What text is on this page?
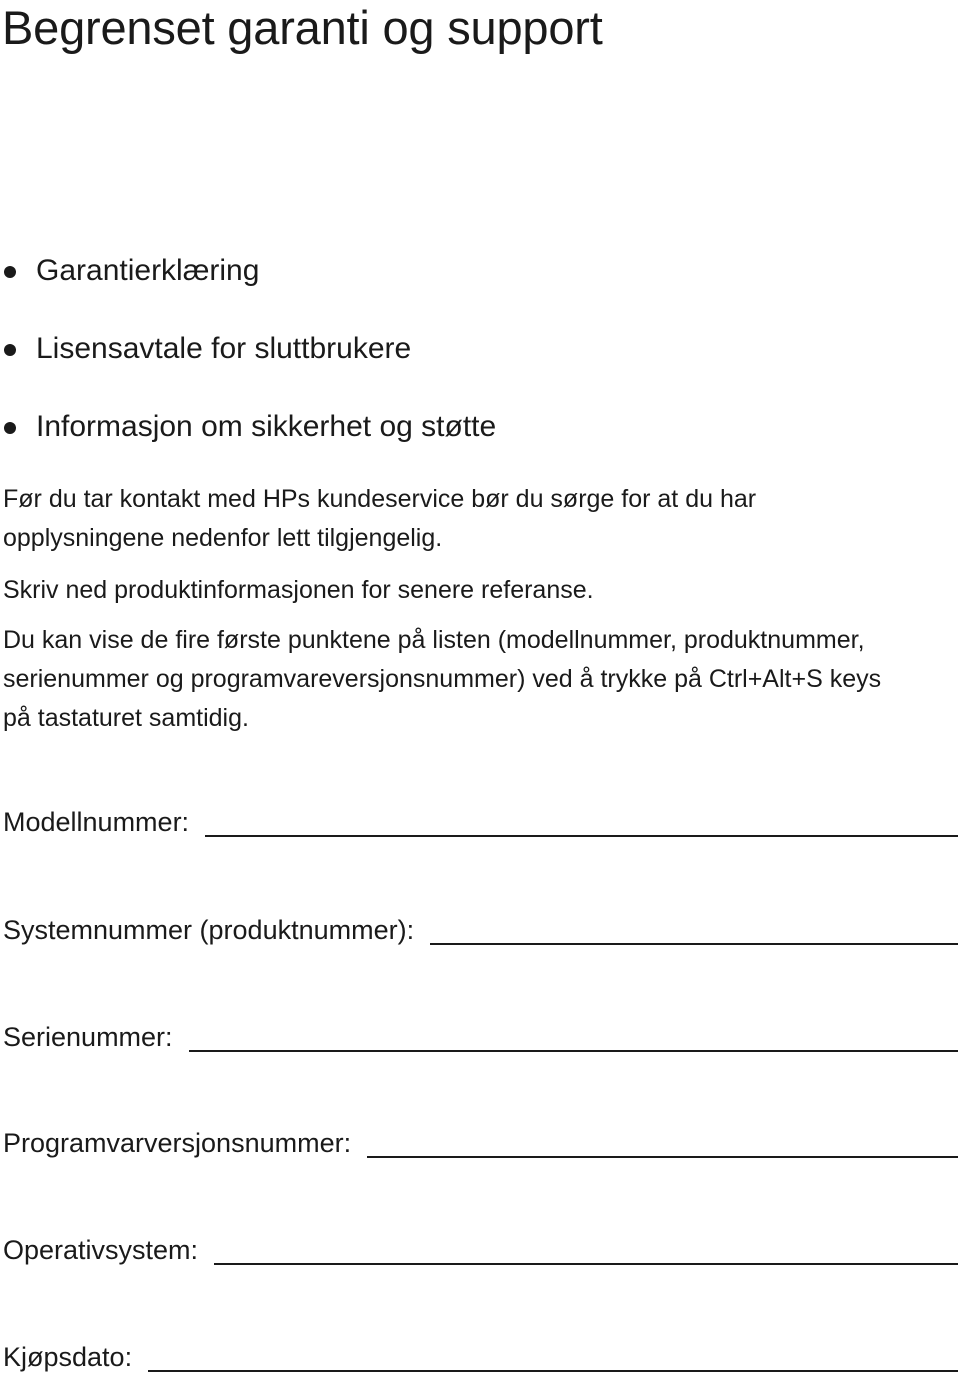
Begrenset garanti og support
Garantierklæring
Lisensavtale for sluttbrukere
Informasjon om sikkerhet og støtte

Før du tar kontakt med HPs kundeservice bør du sørge for at du har
opplysningene nedenfor lett tilgjengelig.

Skriv ned produktinformasjonen for senere referanse.

Du kan vise de fire første punktene på listen (modellnummer, produktnummer,
serienummer og programvareversjonsnummer) ved å trykke på Ctrl+Alt+S keys
på tastaturet samtidig.

Modellnummer:
Systemnummer (produktnummer):
Serienummer:
Programvarversjonsnummer:
Operativsystem:
Kjøpsdato:
